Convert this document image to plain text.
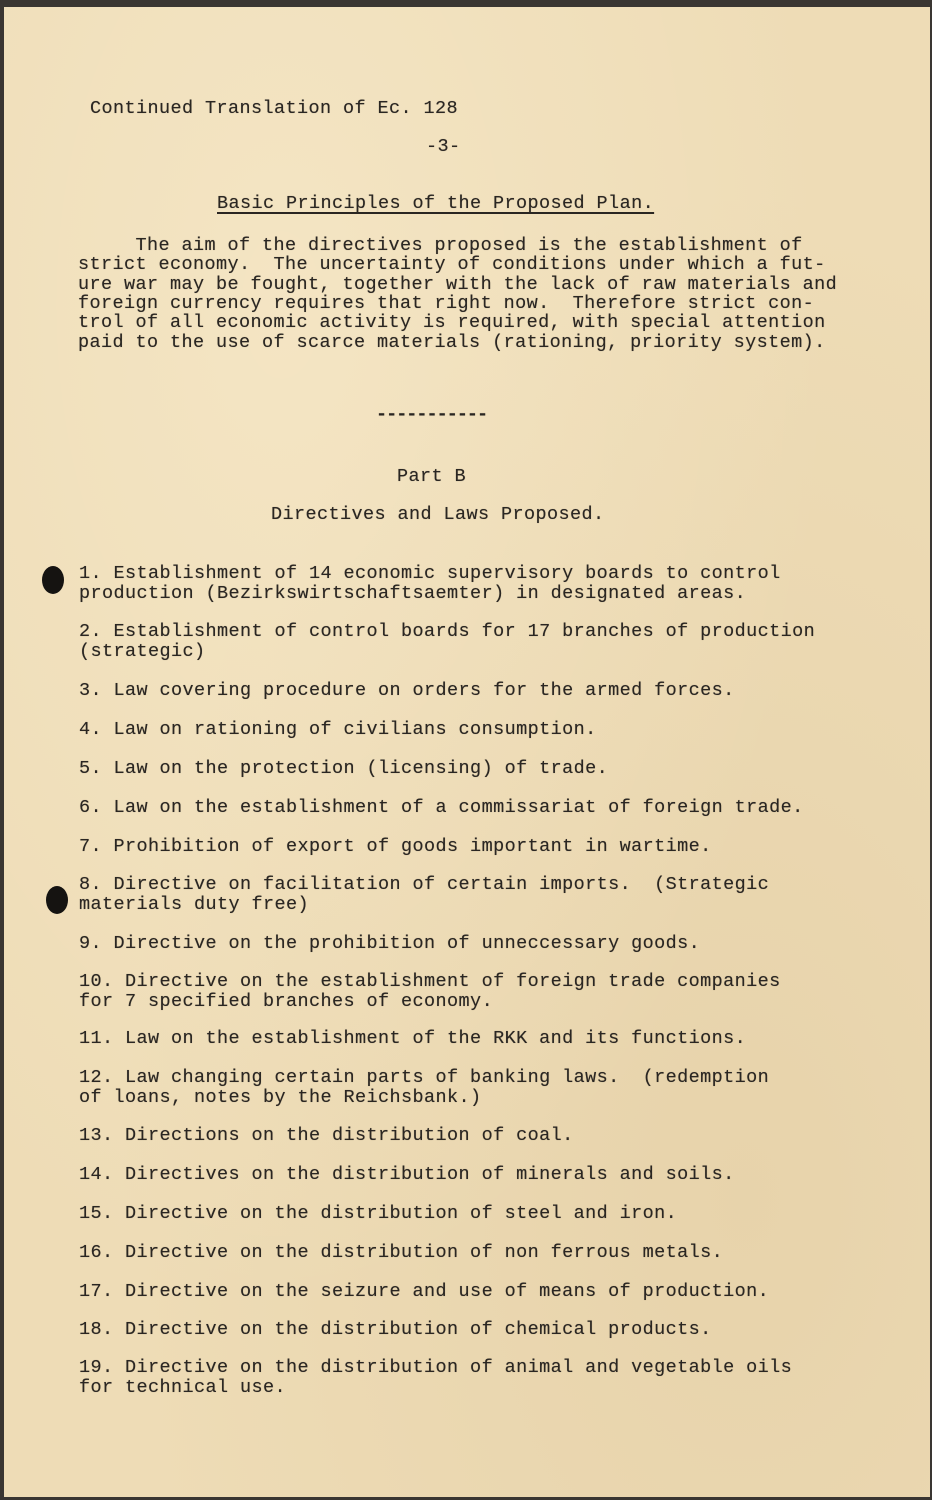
Continued Translation of Ec. 128
-3-
Basic Principles of the Proposed Plan.
The aim of the directives proposed is the establishment of
strict economy.  The uncertainty of conditions under which a fut-
ure war may be fought, together with the lack of raw materials and
foreign currency requires that right now.  Therefore strict con-
trol of all economic activity is required, with special attention
paid to the use of scarce materials (rationing, priority system).
-----------
Part B
Directives and Laws Proposed.
1. Establishment of 14 economic supervisory boards to control
production (Bezirkswirtschaftsaemter) in designated areas.
2. Establishment of control boards for 17 branches of production
(strategic)
3. Law covering procedure on orders for the armed forces.
4. Law on rationing of civilians consumption.
5. Law on the protection (licensing) of trade.
6. Law on the establishment of a commissariat of foreign trade.
7. Prohibition of export of goods important in wartime.
8. Directive on facilitation of certain imports.  (Strategic
materials duty free)
9. Directive on the prohibition of unneccessary goods.
10. Directive on the establishment of foreign trade companies
for 7 specified branches of economy.
11. Law on the establishment of the RKK and its functions.
12. Law changing certain parts of banking laws.  (redemption
of loans, notes by the Reichsbank.)
13. Directions on the distribution of coal.
14. Directives on the distribution of minerals and soils.
15. Directive on the distribution of steel and iron.
16. Directive on the distribution of non ferrous metals.
17. Directive on the seizure and use of means of production.
18. Directive on the distribution of chemical products.
19. Directive on the distribution of animal and vegetable oils
for technical use.
